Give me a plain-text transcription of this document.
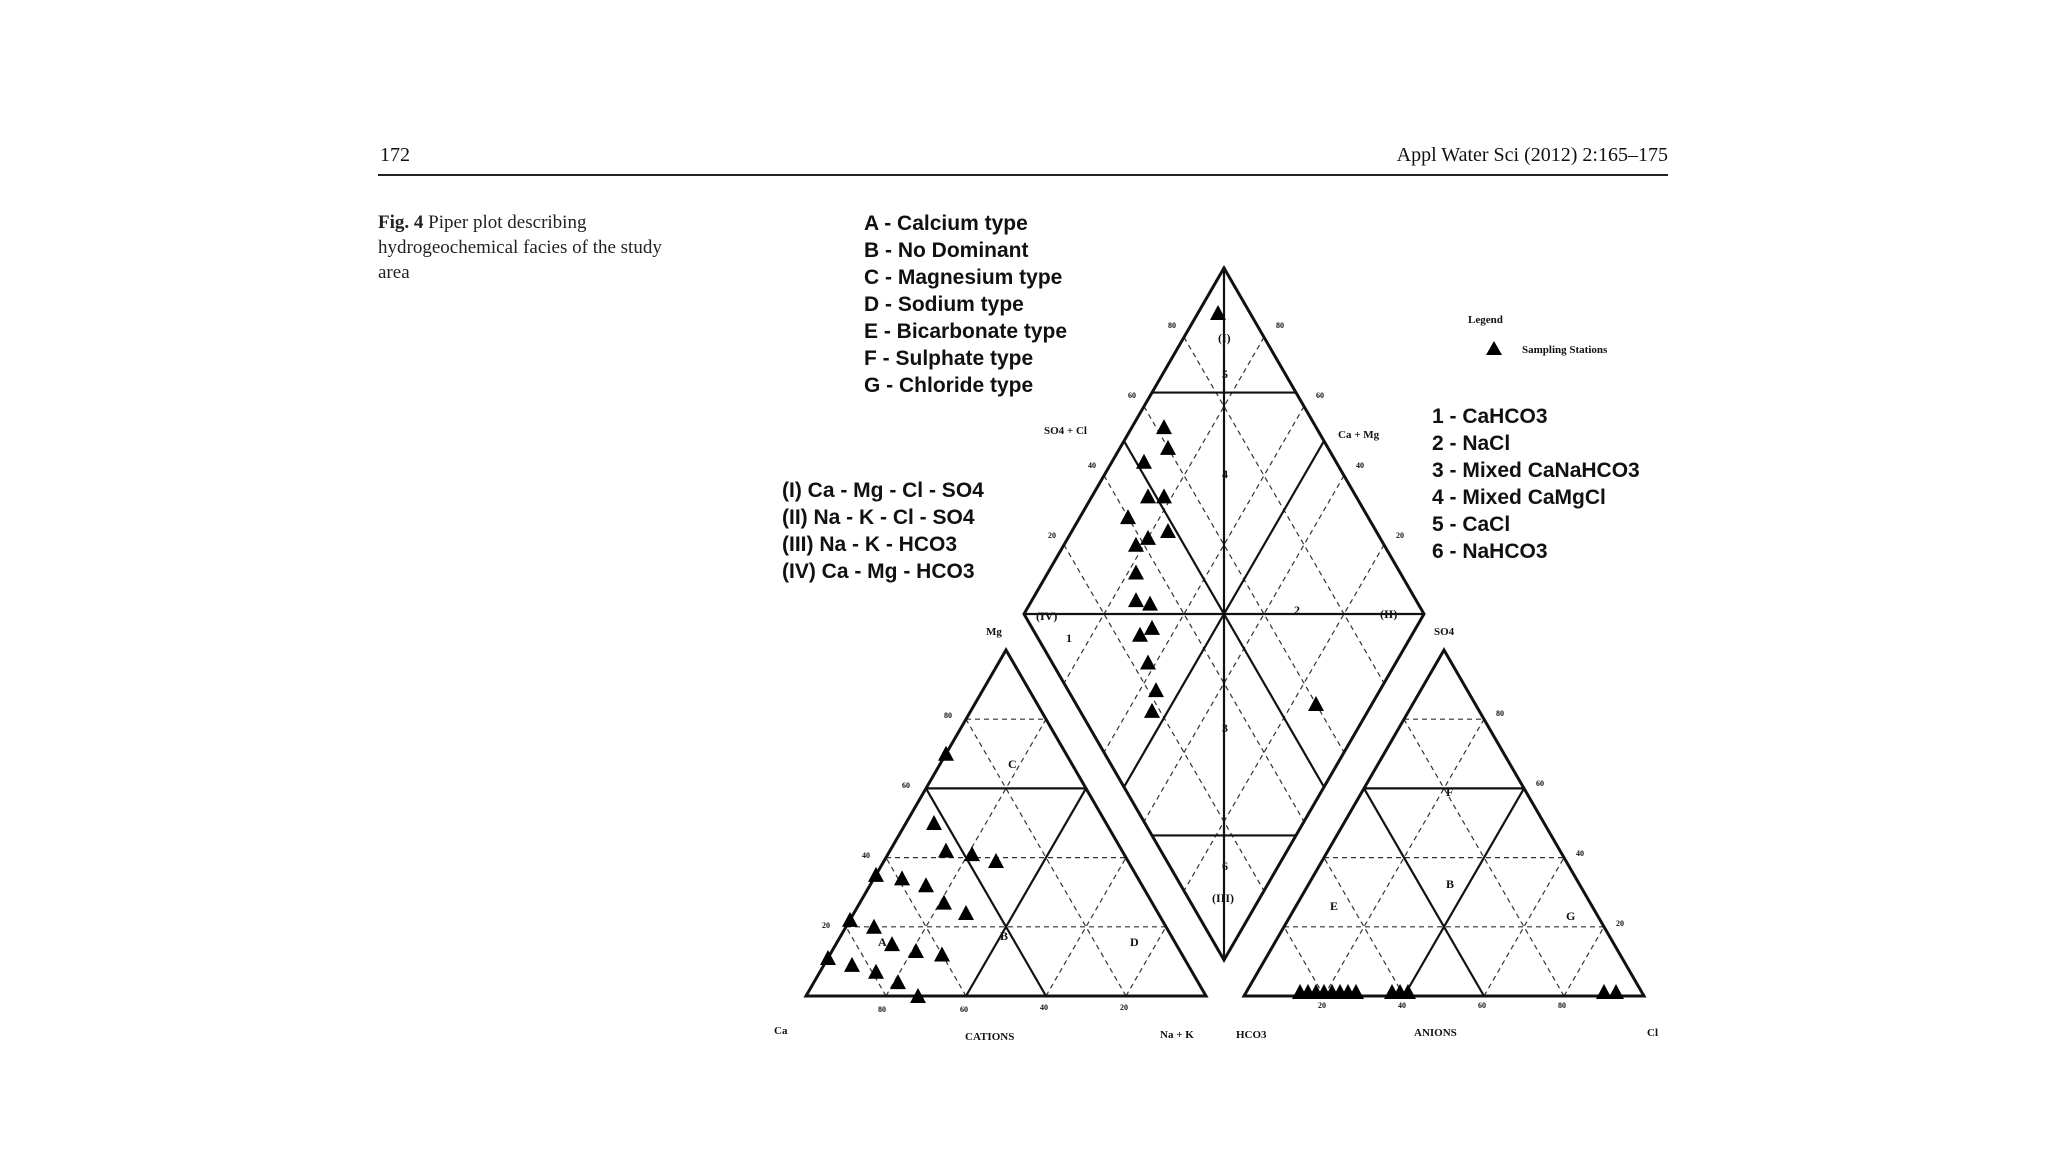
172	Appl Water Sci (2012) 2:165–175
Fig. 4 Piper plot describing hydrogeochemical facies of the study area
A - Calcium type
B - No Dominant
C - Magnesium type
D - Sodium type
E - Bicarbonate type
F - Sulphate type
G - Chloride type
(I) Ca - Mg - Cl - SO4
(II) Na - K - Cl - SO4
(III) Na - K - HCO3
(IV) Ca - Mg - HCO3
1 - CaHCO3
2 - NaCl
3 - Mixed CaNaHCO3
4 - Mixed CaMgCl
5 - CaCl
6 - NaHCO3
Legend
Sampling Stations
Mg
Ca	Na + K
CATIONS
SO4
HCO3	Cl
ANIONS
SO4 + Cl	Ca + Mg
80	60	40	20
20
40
60
80
20	40	60	80
20
40
60
80
80
60
40
20
80
60
40
20
C
A	B	D
E
F
B
G
(I)
(II)
(III)
(IV)
1
2
3
4
5
6
